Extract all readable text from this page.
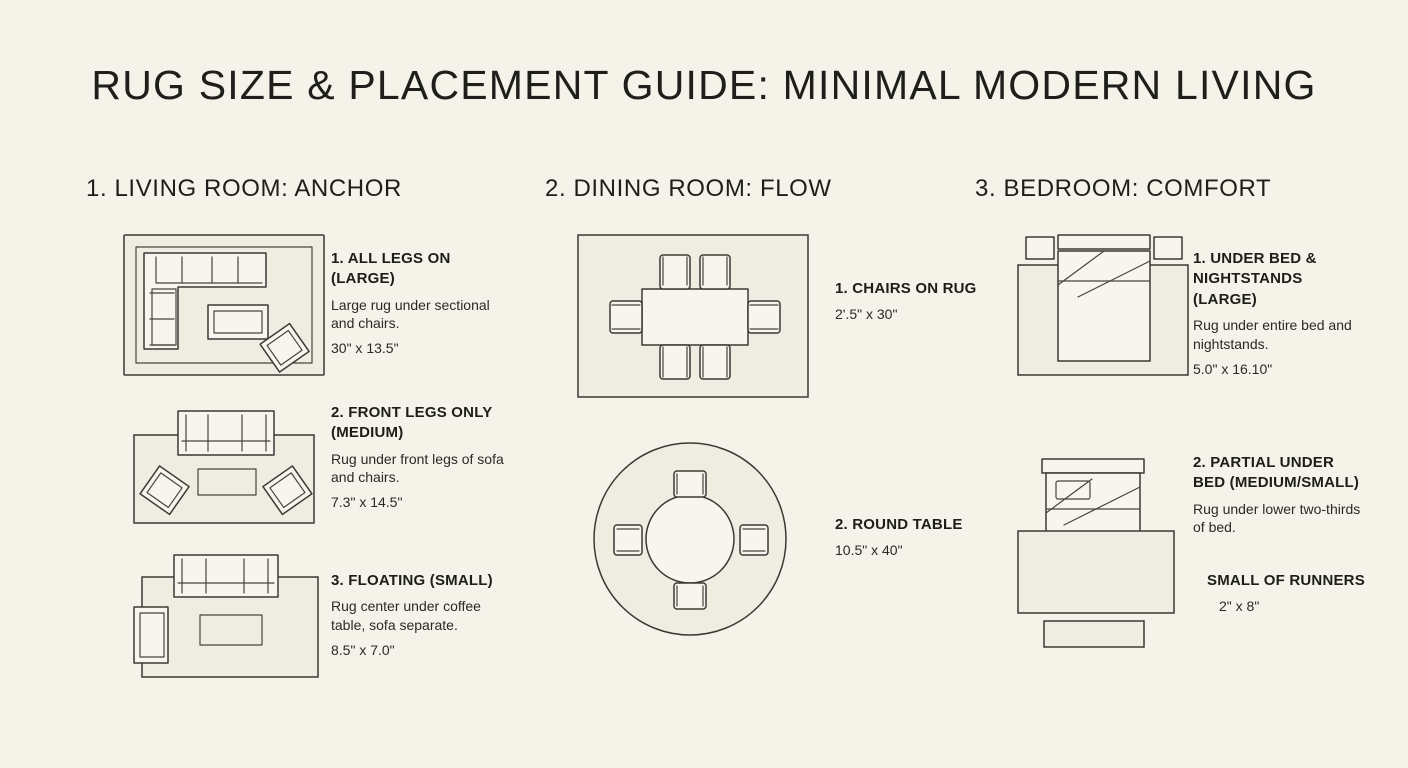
RUG SIZE & PLACEMENT GUIDE: MINIMAL MODERN LIVING
1. LIVING ROOM: ANCHOR
1. ALL LEGS ON (LARGE)
Large rug under sectional and chairs.
30" x 13.5"
2. FRONT LEGS ONLY (MEDIUM)
Rug under front legs of sofa and chairs.
7.3" x 14.5"
3. FLOATING (SMALL)
Rug center under coffee table, sofa separate.
8.5" x 7.0"
2. DINING ROOM: FLOW
1. CHAIRS ON RUG
2'.5" x 30"
2. ROUND TABLE
10.5" x 40"
3. BEDROOM: COMFORT
1. UNDER BED & NIGHTSTANDS (LARGE)
Rug under entire bed and nightstands.
5.0" x 16.10"
2. PARTIAL UNDER BED (MEDIUM/SMALL)
Rug under lower two-thirds of bed.
SMALL OF RUNNERS
2" x 8"
